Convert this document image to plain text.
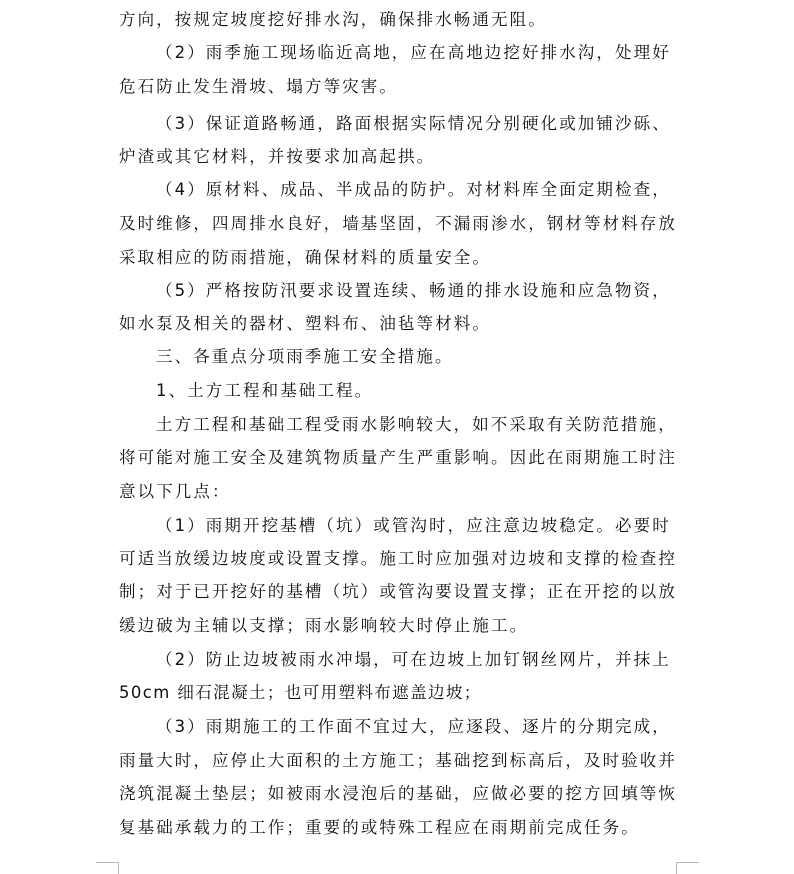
方向，按规定坡度挖好排水沟，确保排水畅通无阻。
（2）雨季施工现场临近高地，应在高地边挖好排水沟，处理好
危石防止发生滑坡、塌方等灾害。
（3）保证道路畅通，路面根据实际情况分别硬化或加铺沙砾、
炉渣或其它材料，并按要求加高起拱。
（4）原材料、成品、半成品的防护。对材料库全面定期检查，
及时维修，四周排水良好，墙基坚固，不漏雨渗水，钢材等材料存放
采取相应的防雨措施，确保材料的质量安全。
（5）严格按防汛要求设置连续、畅通的排水设施和应急物资，
如水泵及相关的器材、塑料布、油毡等材料。
三、各重点分项雨季施工安全措施。
1、土方工程和基础工程。
土方工程和基础工程受雨水影响较大，如不采取有关防范措施，
将可能对施工安全及建筑物质量产生严重影响。因此在雨期施工时注
意以下几点：
（1）雨期开挖基槽（坑）或管沟时，应注意边坡稳定。必要时
可适当放缓边坡度或设置支撑。施工时应加强对边坡和支撑的检查控
制；对于已开挖好的基槽（坑）或管沟要设置支撑；正在开挖的以放
缓边破为主辅以支撑；雨水影响较大时停止施工。
（2）防止边坡被雨水冲塌，可在边坡上加钉钢丝网片，并抹上
50cm 细石混凝土；也可用塑料布遮盖边坡；
（3）雨期施工的工作面不宜过大，应逐段、逐片的分期完成，
雨量大时，应停止大面积的土方施工；基础挖到标高后，及时验收并
浇筑混凝土垫层；如被雨水浸泡后的基础，应做必要的挖方回填等恢
复基础承载力的工作；重要的或特殊工程应在雨期前完成任务。
